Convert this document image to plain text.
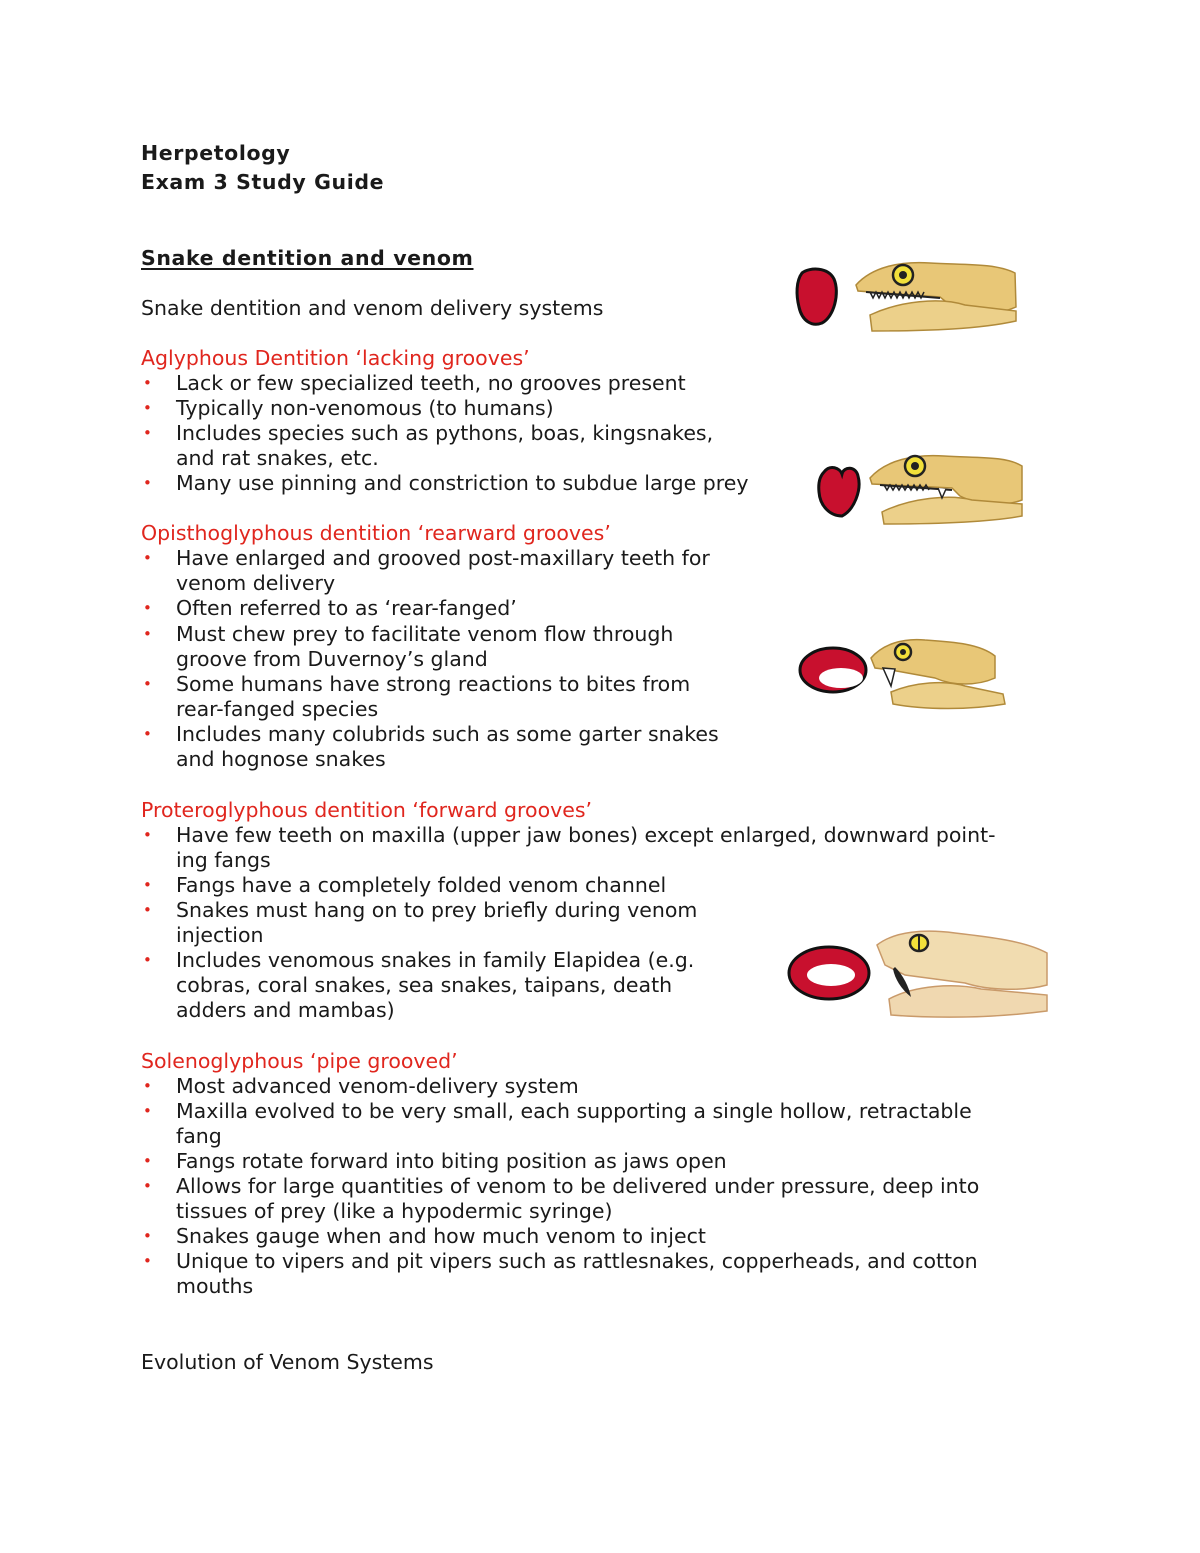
Herpetology
Exam 3 Study Guide
Snake dentition and venom
Snake dentition and venom delivery systems
Aglyphous Dentition ‘lacking grooves’
• Lack or few specialized teeth, no grooves present
• Typically non-venomous (to humans)
• Includes species such as pythons, boas, kingsnakes,
and rat snakes, etc.
• Many use pinning and constriction to subdue large prey
Opisthoglyphous dentition ‘rearward grooves’
• Have enlarged and grooved post-maxillary teeth for
venom delivery
• Often referred to as ‘rear-fanged’
• Must chew prey to facilitate venom flow through
groove from Duvernoy’s gland
• Some humans have strong reactions to bites from
rear-fanged species
• Includes many colubrids such as some garter snakes
and hognose snakes
Proteroglyphous dentition ‘forward grooves’
• Have few teeth on maxilla (upper jaw bones) except enlarged, downward point-
ing fangs
• Fangs have a completely folded venom channel
• Snakes must hang on to prey briefly during venom
injection
• Includes venomous snakes in family Elapidea (e.g.
cobras, coral snakes, sea snakes, taipans, death
adders and mambas)
Solenoglyphous ‘pipe grooved’
• Most advanced venom-delivery system
• Maxilla evolved to be very small, each supporting a single hollow, retractable
fang
• Fangs rotate forward into biting position as jaws open
• Allows for large quantities of venom to be delivered under pressure, deep into
tissues of prey (like a hypodermic syringe)
• Snakes gauge when and how much venom to inject
• Unique to vipers and pit vipers such as rattlesnakes, copperheads, and cotton
mouths
Evolution of Venom Systems
